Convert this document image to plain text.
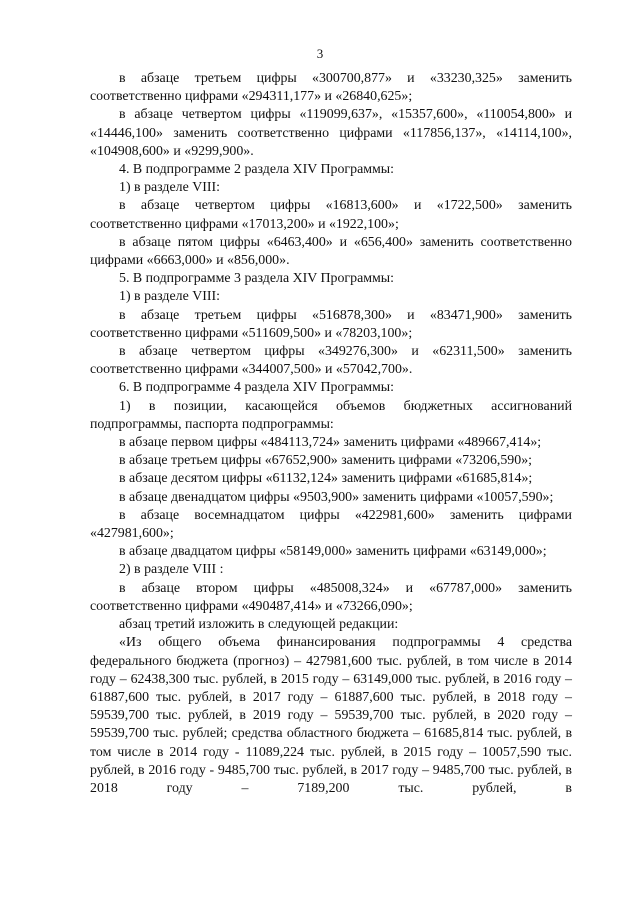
3

в абзаце третьем цифры «300700,877» и «33230,325» заменить соответственно цифрами «294311,177» и «26840,625»;

в абзаце четвертом цифры «119099,637», «15357,600», «110054,800» и «14446,100» заменить соответственно цифрами «117856,137», «14114,100», «104908,600» и «9299,900».

4. В подпрограмме 2 раздела XIV Программы:

1) в разделе VIII:

в абзаце четвертом цифры «16813,600» и «1722,500» заменить соответственно цифрами «17013,200» и «1922,100»;

в абзаце пятом цифры «6463,400» и «656,400» заменить соответственно цифрами «6663,000» и «856,000».

5. В подпрограмме 3 раздела XIV Программы:

1) в разделе VIII:

в абзаце третьем цифры «516878,300» и «83471,900» заменить соответственно цифрами «511609,500» и «78203,100»;

в абзаце четвертом цифры «349276,300» и «62311,500» заменить соответственно цифрами «344007,500» и «57042,700».

6. В подпрограмме 4 раздела XIV Программы:

1) в позиции, касающейся объемов бюджетных ассигнований подпрограммы, паспорта подпрограммы:

в абзаце первом цифры «484113,724» заменить цифрами «489667,414»;

в абзаце третьем цифры «67652,900» заменить цифрами «73206,590»;

в абзаце десятом цифры «61132,124» заменить цифрами «61685,814»;

в абзаце двенадцатом цифры «9503,900» заменить цифрами «10057,590»;

в абзаце восемнадцатом цифры «422981,600» заменить цифрами «427981,600»;

в абзаце двадцатом цифры «58149,000» заменить цифрами «63149,000»;

2) в разделе VIII :

в абзаце втором цифры «485008,324» и «67787,000» заменить соответственно цифрами «490487,414» и «73266,090»;

абзац третий изложить в следующей редакции:

«Из общего объема финансирования подпрограммы 4 средства федерального бюджета (прогноз) – 427981,600 тыс. рублей, в том числе в 2014 году – 62438,300 тыс. рублей, в 2015 году – 63149,000 тыс. рублей, в 2016 году – 61887,600 тыс. рублей, в 2017 году – 61887,600 тыс. рублей, в 2018 году – 59539,700 тыс. рублей, в 2019 году – 59539,700 тыс. рублей, в 2020 году – 59539,700 тыс. рублей; средства областного бюджета – 61685,814 тыс. рублей, в том числе в 2014 году - 11089,224 тыс. рублей, в 2015 году – 10057,590 тыс. рублей, в 2016 году - 9485,700 тыс. рублей, в 2017 году – 9485,700 тыс. рублей, в 2018 году – 7189,200 тыс. рублей, в
